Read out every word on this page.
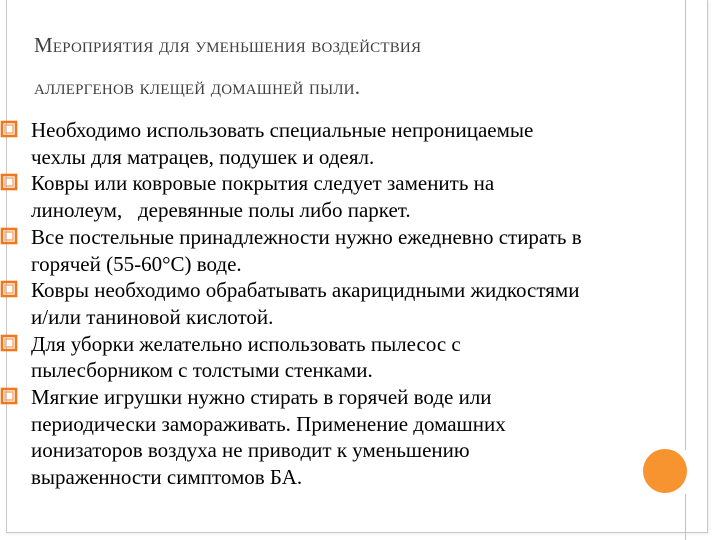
Мероприятия для уменьшения воздействия
аллергенов клещей домашней пыли.
Необходимо использовать специальные непроницаемые
чехлы для матрацев, подушек и одеял.
Ковры или ковровые покрытия следует заменить на
линолеум,   деревянные полы либо паркет.
Все постельные принадлежности нужно ежедневно стирать в
горячей (55-60°С) воде.
Ковры необходимо обрабатывать акарицидными жидкостями
и/или таниновой кислотой.
Для уборки желательно использовать пылесос с
пылесборником с толстыми стенками.
Мягкие игрушки нужно стирать в горячей воде или
периодически замораживать. Применение домашних
ионизаторов воздуха не приводит к уменьшению
выраженности симптомов БА.
